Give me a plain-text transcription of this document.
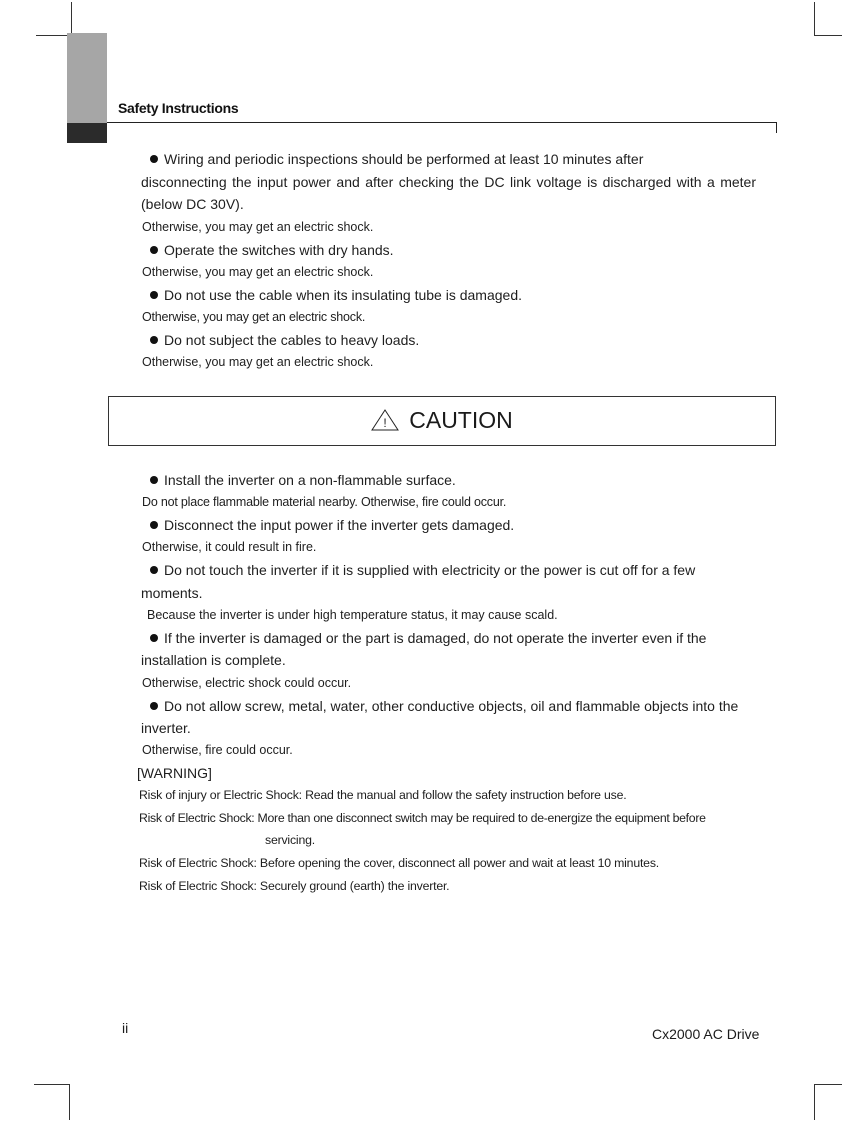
Safety Instructions
Wiring and periodic inspections should be performed at least 10 minutes after
disconnecting the input power and after checking the DC link voltage is discharged with a meter
(below DC 30V).
Otherwise, you may get an electric shock.
Operate the switches with dry hands.
Otherwise, you may get an electric shock.
Do not use the cable when its insulating tube is damaged.
Otherwise, you may get an electric shock.
Do not subject the cables to heavy loads.
Otherwise, you may get an electric shock.
! CAUTION
Install the inverter on a non-flammable surface.
Do not place flammable material nearby. Otherwise, fire could occur.
Disconnect the input power if the inverter gets damaged.
Otherwise, it could result in fire.
Do not touch the inverter if it is supplied with electricity or the power is cut off for a few
moments.
Because the inverter is under high temperature status, it may cause scald.
If the inverter is damaged or the part is damaged, do not operate the inverter even if the
installation is complete.
Otherwise, electric shock could occur.
Do not allow screw, metal, water, other conductive objects, oil and flammable objects into the
inverter.
Otherwise, fire could occur.
[WARNING]
Risk of injury or Electric Shock: Read the manual and follow the safety instruction before use.
Risk of Electric Shock: More than one disconnect switch may be required to de-energize the equipment before
servicing.
Risk of Electric Shock: Before opening the cover, disconnect all power and wait at least 10 minutes.
Risk of Electric Shock: Securely ground (earth) the inverter.
ii	Cx2000 AC Drive
